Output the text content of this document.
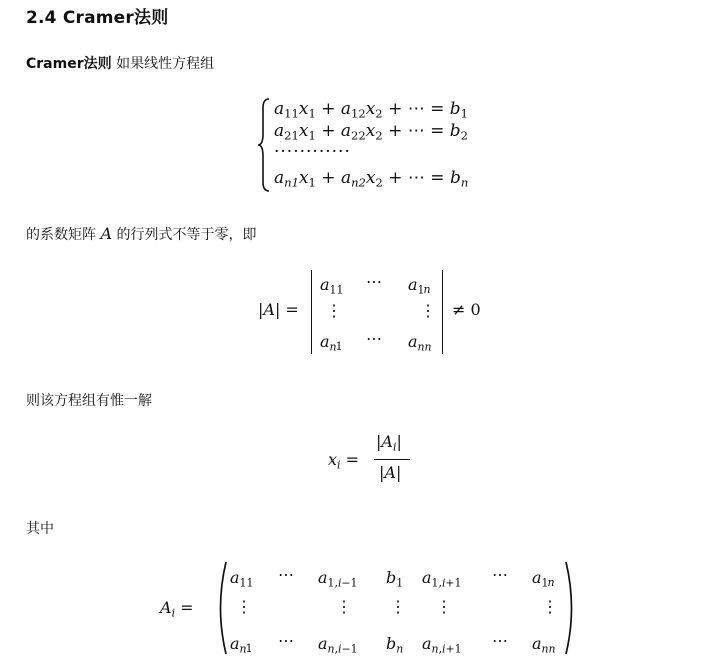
2.4 Cramer法则
Cramer法则 如果线性方程组
$a_{11}x_1 + a_{12}x_2$ + ⋯ = $b_1$
$a_{21}x_1 + a_{22}x_2$ + ⋯ = $b_2$
············
$a_{n1}x_1 + a_{n2}x_2$ + ⋯ = $b_n$
的系数矩阵 A 的行列式不等于零，即
|A| =
$a_{11}$ ⋯ $a_{1n}$
⋮	⋮
$a_{n1}$ ⋯ $a_{nn}$
≠ 0
则该方程组有惟一解
$x_i$ =
$|A_i|$
|A|
其中
$A_i$ =
$a_{11}$ ⋯ $a_{1,i-1}$ $b_1$ $a_{1,i+1}$ ⋯ $a_{1n}$
⋮	⋮ ⋮ ⋮	⋮
$a_{n1}$ ⋯ $a_{n,i-1}$ $b_n$ $a_{n,i+1}$ ⋯ $a_{nn}$
